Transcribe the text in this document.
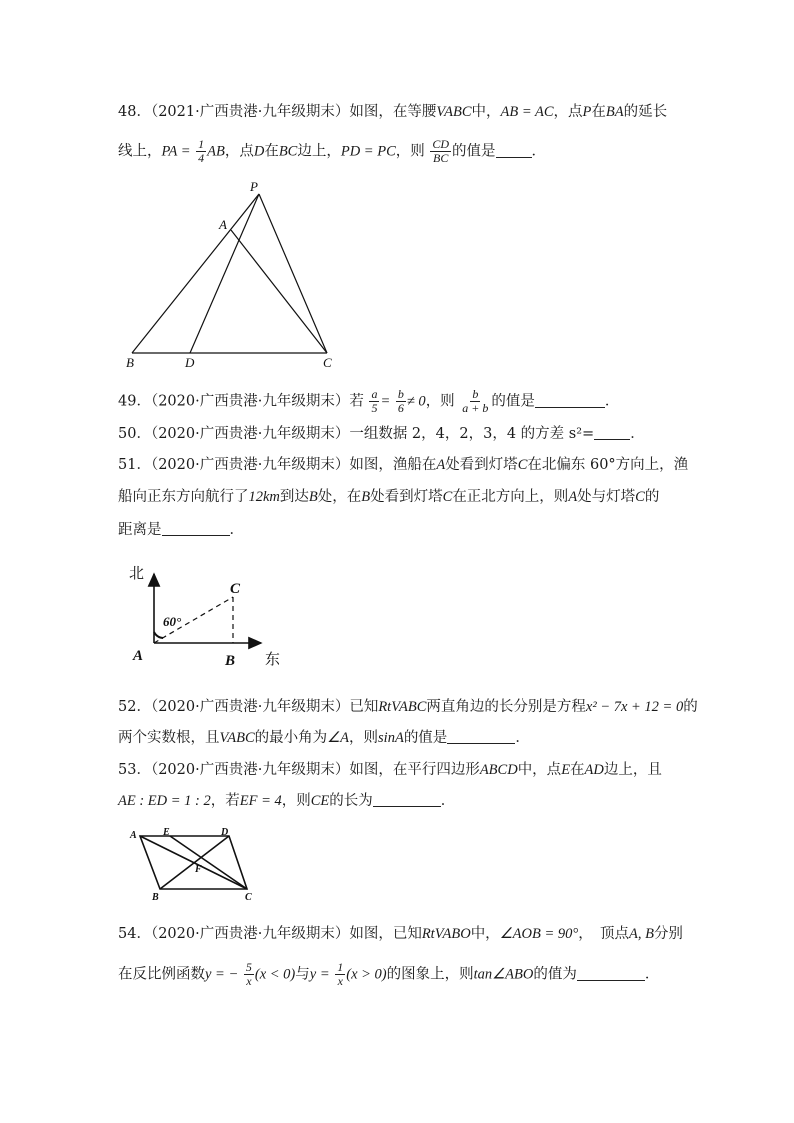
48．（2021·广西贵港·九年级期末）如图，在等腰VABC中，AB = AC，点P在BA的延长
线上，PA = $\frac{1}{4}$ AB，点D在BC边上，PD = PC，则 $\frac{CD}{BC}$ 的值是 ．
P
A
B	D	C
49．（2020·广西贵港·九年级期末）若 $\frac{a}{5} = \frac{b}{6} \ne 0$，则 $\frac{b}{a + b}$ 的值是	．
50．（2020·广西贵港·九年级期末）一组数据 2，4，2，3，4 的方差 s²= ．
51．（2020·广西贵港·九年级期末）如图，渔船在A处看到灯塔C在北偏东 60°方向上，渔
船向正东方向航行了12km到达B处，在B处看到灯塔C在正北方向上，则A处与灯塔C的
距离是	．
北
东
60°
A	B
C
52．（2020·广西贵港·九年级期末）已知RtVABC两直角边的长分别是方程x² − 7x + 12 = 0的
两个实数根，且VABC的最小角为∠A，则sinA的值是	．
53．（2020·广西贵港·九年级期末）如图，在平行四边形ABCD中，点E在AD边上，且
AE : ED = 1 : 2，若EF = 4，则CE的长为	．
A	E	D
F
B	C
54．（2020·广西贵港·九年级期末）如图，已知RtVABO中，∠AOB = 90°，　顶点A, B分别
在反比例函数y = − $\frac{5}{x} (x < 0)$与$y = \frac{1}{x} (x > 0)$的图象上，则tan∠ABO的值为	．
